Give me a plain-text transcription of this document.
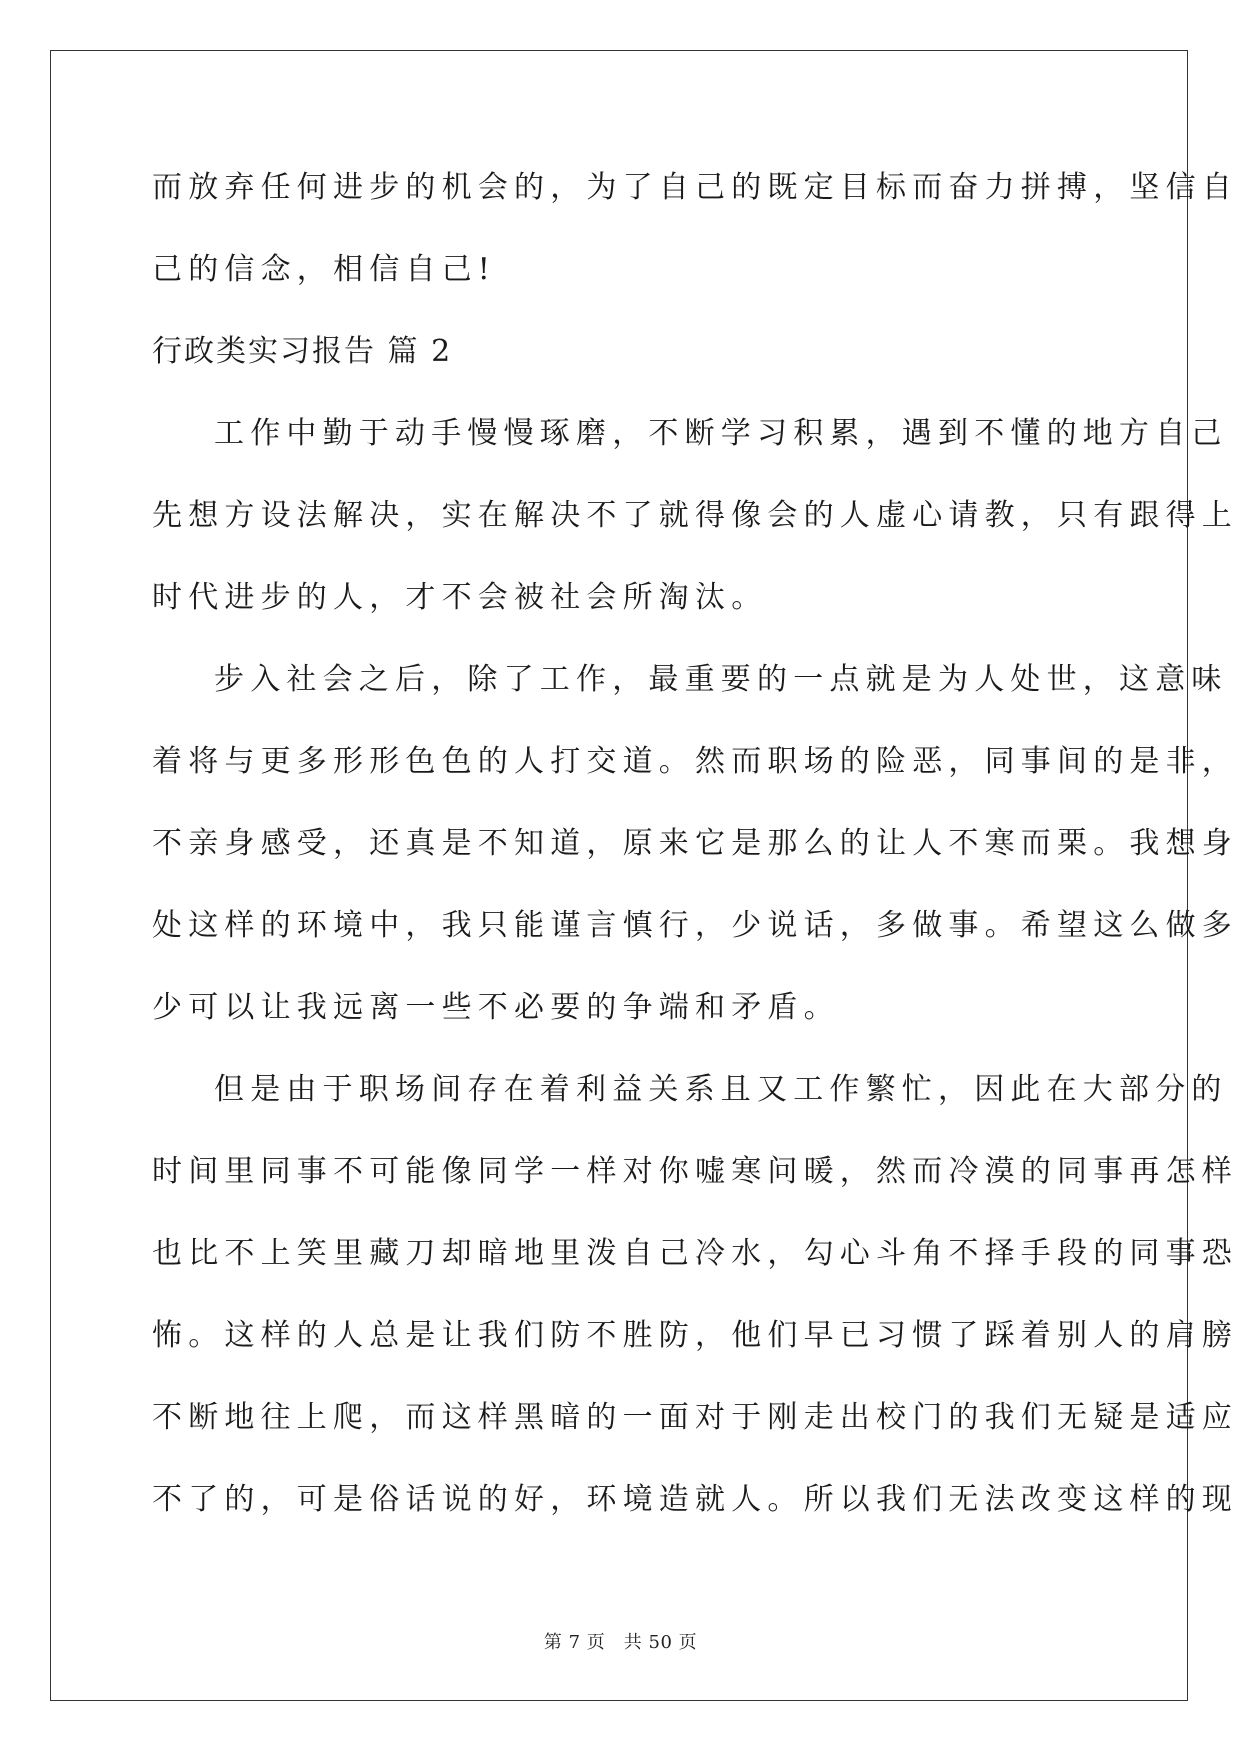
而放弃任何进步的机会的，为了自己的既定目标而奋力拼搏，坚信自
己的信念，相信自己!
行政类实习报告 篇 2
工作中勤于动手慢慢琢磨，不断学习积累，遇到不懂的地方自己
先想方设法解决，实在解决不了就得像会的人虚心请教，只有跟得上
时代进步的人，才不会被社会所淘汰。
步入社会之后，除了工作，最重要的一点就是为人处世，这意味
着将与更多形形色色的人打交道。然而职场的险恶，同事间的是非，
不亲身感受，还真是不知道，原来它是那么的让人不寒而栗。我想身
处这样的环境中，我只能谨言慎行，少说话，多做事。希望这么做多
少可以让我远离一些不必要的争端和矛盾。
但是由于职场间存在着利益关系且又工作繁忙，因此在大部分的
时间里同事不可能像同学一样对你嘘寒问暖，然而冷漠的同事再怎样
也比不上笑里藏刀却暗地里泼自己冷水，勾心斗角不择手段的同事恐
怖。这样的人总是让我们防不胜防，他们早已习惯了踩着别人的肩膀
不断地往上爬，而这样黑暗的一面对于刚走出校门的我们无疑是适应
不了的，可是俗话说的好，环境造就人。所以我们无法改变这样的现
第 7 页　共 50 页
